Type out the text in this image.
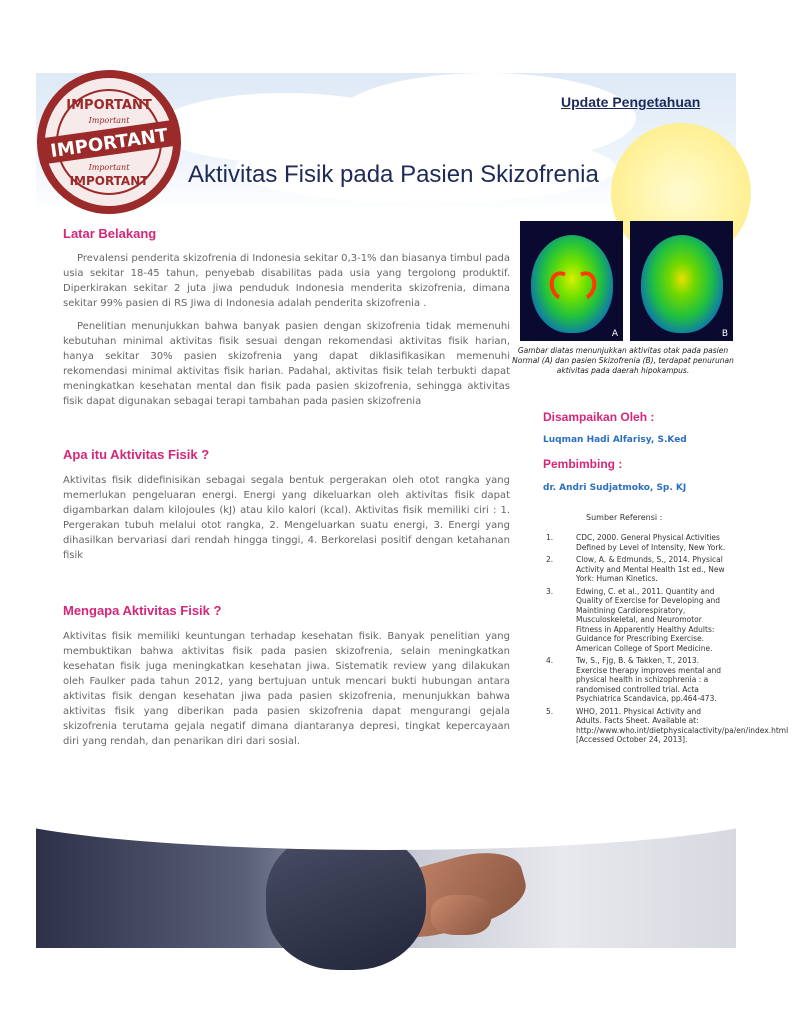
IMPORTANT
Important
IMPORTANT
Important
IMPORTANT
Update Pengetahuan
Aktivitas Fisik pada Pasien Skizofrenia
Latar Belakang

Prevalensi penderita skizofrenia di Indonesia sekitar 0,3-1% dan biasanya timbul pada usia sekitar 18-45 tahun, penyebab disabilitas pada usia yang tergolong produktif. Diperkirakan sekitar 2 juta jiwa penduduk Indonesia menderita skizofrenia, dimana sekitar 99% pasien di RS Jiwa di Indonesia adalah penderita skizofrenia .

Penelitian menunjukkan bahwa banyak pasien dengan skizofrenia tidak memenuhi kebutuhan minimal aktivitas fisik sesuai dengan rekomendasi aktivitas fisik harian, hanya sekitar 30% pasien skizofrenia yang dapat diklasifikasikan memenuhi rekomendasi minimal aktivitas fisik harian. Padahal, aktivitas fisik telah terbukti dapat meningkatkan kesehatan mental dan fisik pada pasien skizofrenia, sehingga aktivitas fisik dapat digunakan sebagai terapi tambahan pada pasien skizofrenia

Apa itu Aktivitas Fisik ?

Aktivitas fisik didefinisikan sebagai segala bentuk pergerakan oleh otot rangka yang memerlukan pengeluaran energi. Energi yang dikeluarkan oleh aktivitas fisik dapat digambarkan dalam kilojoules (kJ) atau kilo kalori (kcal). Aktivitas fisik memiliki ciri : 1. Pergerakan tubuh melalui otot rangka, 2. Mengeluarkan suatu energi, 3. Energi yang dihasilkan bervariasi dari rendah hingga tinggi, 4. Berkorelasi positif dengan ketahanan fisik

Mengapa Aktivitas Fisik ?

Aktivitas fisik memiliki keuntungan terhadap kesehatan fisik. Banyak penelitian yang membuktikan bahwa aktivitas fisik pada pasien skizofrenia, selain meningkatkan kesehatan fisik juga meningkatkan kesehatan jiwa. Sistematik review yang dilakukan oleh Faulker pada tahun 2012, yang bertujuan untuk mencari bukti hubungan antara aktivitas fisik dengan kesehatan jiwa pada pasien skizofrenia, menunjukkan bahwa aktivitas fisik yang diberikan pada pasien skizofrenia dapat mengurangi gejala skizofrenia terutama gejala negatif dimana diantaranya depresi, tingkat kepercayaan diri yang rendah, dan penarikan diri dari sosial.

A	B
Gambar diatas menunjukkan aktivitas otak pada pasien Normal (A) dan pasien Skizofrenia (B), terdapat penurunan aktivitas pada daerah hipokampus.
Disampaikan Oleh :
Luqman Hadi Alfarisy, S.Ked
Pembimbing :
dr. Andri Sudjatmoko, Sp. KJ
Sumber Referensi :
1.	CDC, 2000. General Physical Activities Defined by Level of Intensity, New York.
2.	Clow, A. & Edmunds, S., 2014. Physical Activity and Mental Health 1st ed., New York: Human Kinetics.
3.	Edwing, C. et al., 2011. Quantity and Quality of Exercise for Developing and Maintining Cardiorespiratory, Musculoskeletal, and Neuromotor Fitness in Apparently Healthy Adults: Guidance for Prescribing Exercise. American College of Sport Medicine.
4.	Tw, S., Fjg, B. & Takken, T., 2013. Exercise therapy improves mental and physical health in schizophrenia : a randomised controlled trial. Acta Psychiatrica Scandavica, pp.464-473.
5.	WHO, 2011. Physical Activity and Adults. Facts Sheet. Available at: http://www.who.int/dietphysicalactivity/pa/en/index.html [Accessed October 24, 2013].
